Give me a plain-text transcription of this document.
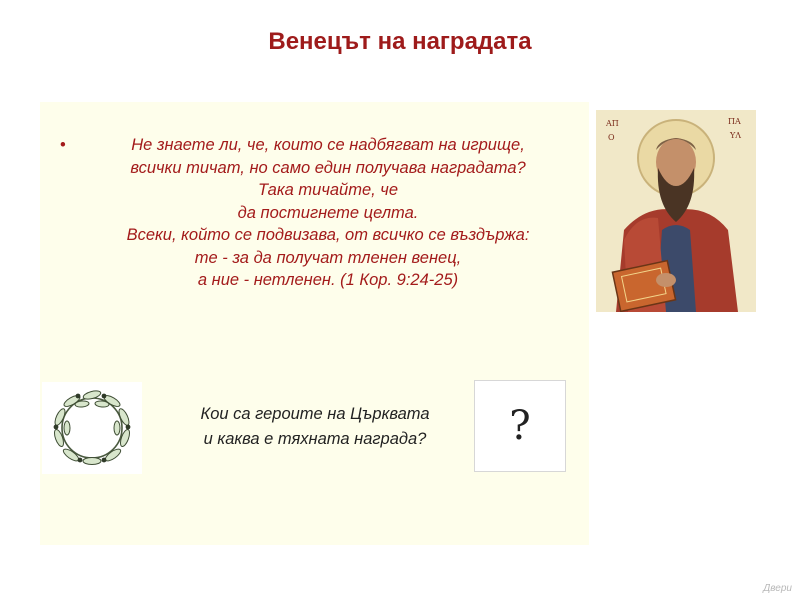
Венецът на наградата
•	Не знаете ли, че, които се надбягват на игрище,
всички тичат, но само един получава наградата?
Така тичайте, че
да постигнете целта.
Всеки, който се подвизава, от всичко се въздържа:
те - за да получат тленен венец,
а ние - нетленен. (1 Кор. 9:24-25)
Кои са героите на Църквата
и каква е тяхната награда?	?
ΑΠ
Ο
ΠΑ
ΥΛ
Двери
